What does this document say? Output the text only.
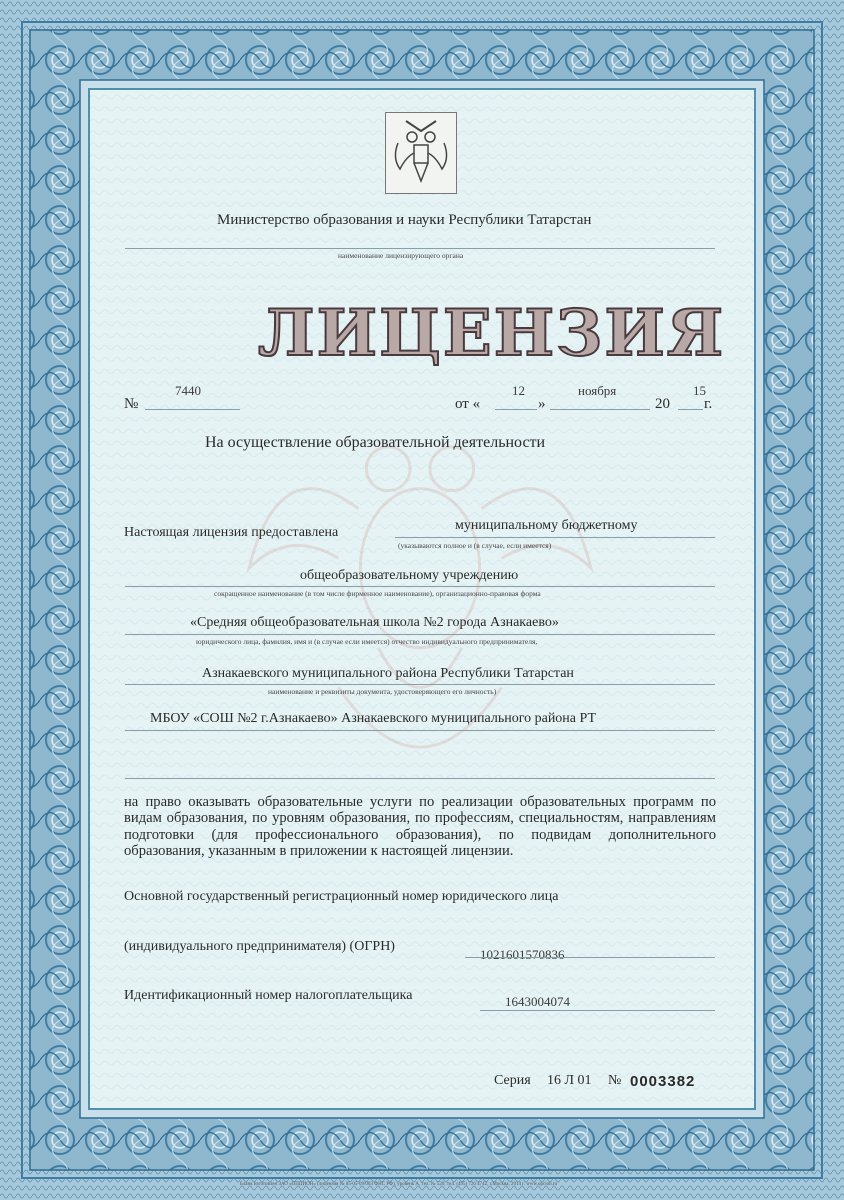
Министерство образования и науки Республики Татарстан
наименование лицензирующего органа
ЛИЦЕНЗИЯ
№
7440
от «
12
»
ноября
20
15
г.
На осуществление образовательной деятельности
Настоящая лицензия предоставлена	муниципальному бюджетному
(указываются полное и (в случае, если имеется)
общеобразовательному учреждению
сокращенное наименование (в том числе фирменное наименование), организационно-правовая форма
«Средняя общеобразовательная школа №2 города Азнакаево»
юридического лица, фамилия, имя и (в случае если имеется) отчество индивидуального предпринимателя,
Азнакаевского муниципального района Республики Татарстан
наименование и реквизиты документа, удостоверяющего его личность)
МБОУ «СОШ №2 г.Азнакаево» Азнакаевского муниципального района РТ
на право оказывать образовательные услуги по реализации образовательных программ по видам образования, по уровням образования, по профессиям, специальностям, направлениям подготовки (для профессионального образования), по подвидам дополнительного образования, указанным в приложении к настоящей лицензии.
Основной государственный регистрационный номер юридического лица
(индивидуального предпринимателя) (ОГРН)
1021601570836
Идентификационный номер налогоплательщика	1643004074
Серия 16 Л 01 № 0003382
Бланк изготовлен ЗАО «ОПЦИОН» (лицензия № 05-05-09/003 ФНС РФ), уровень А, тел. № 520, тел. (495) 726 4742, г.Москва, 2014 г. www.opcion.ru
